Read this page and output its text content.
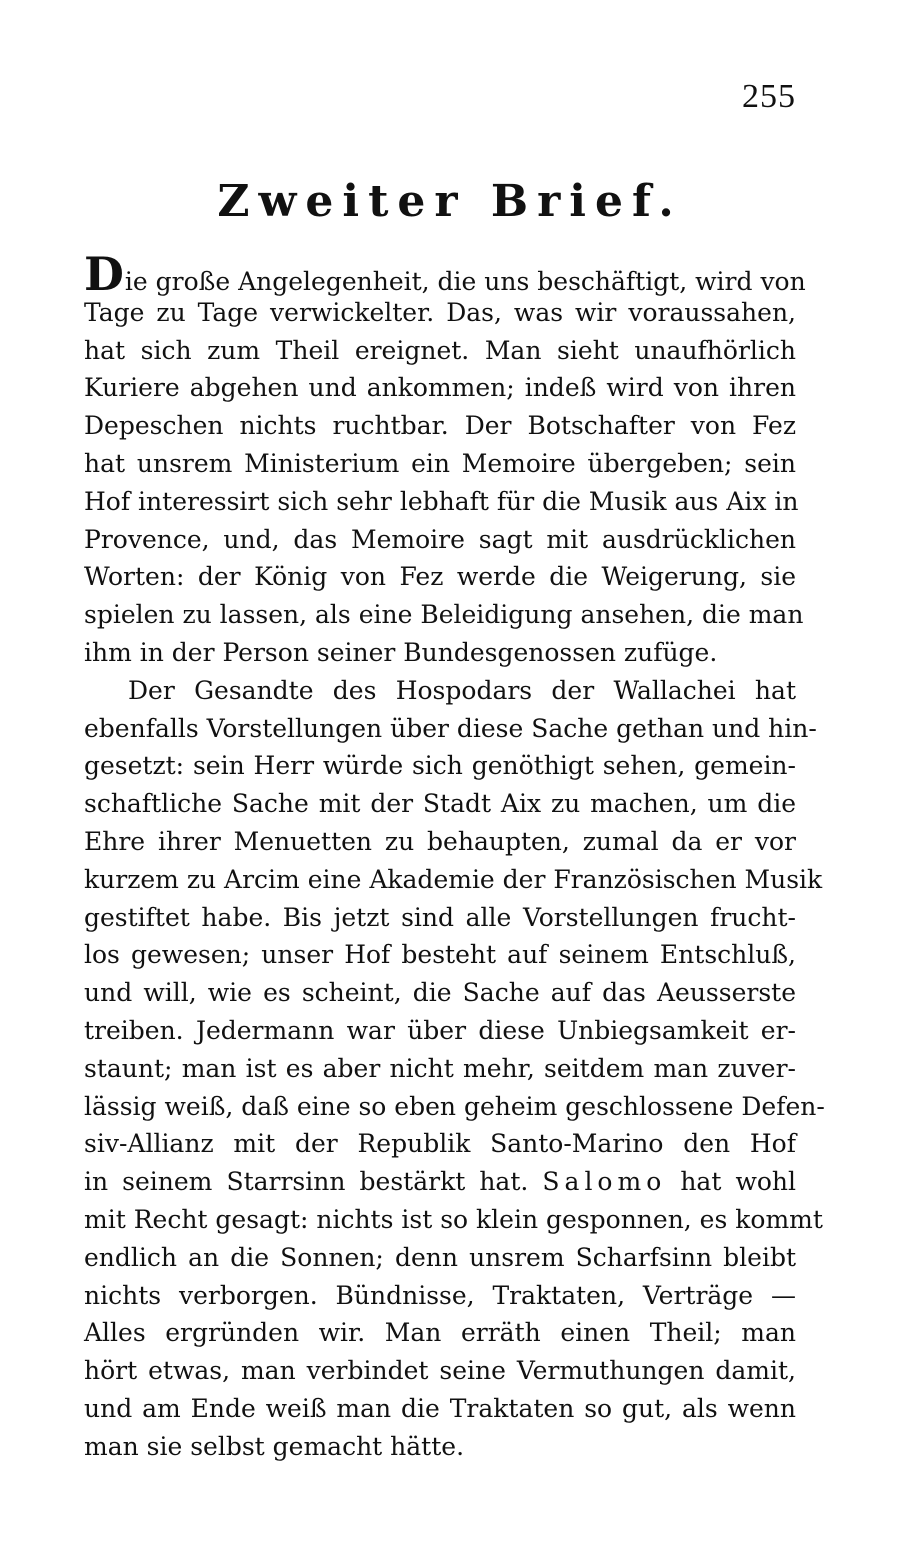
255
Zweiter Brief.
D ie große Angelegenheit, die uns beschäftigt, wird von
Tage zu Tage verwickelter. Das, was wir voraussahen,
hat sich zum Theil ereignet. Man sieht unaufhörlich
Kuriere abgehen und ankommen; indeß wird von ihren
Depeschen nichts ruchtbar. Der Botschafter von Fez
hat unsrem Ministerium ein Memoire übergeben; sein
Hof interessirt sich sehr lebhaft für die Musik aus Aix in
Provence, und, das Memoire sagt mit ausdrücklichen
Worten: der König von Fez werde die Weigerung, sie
spielen zu lassen, als eine Beleidigung ansehen, die man
ihm in der Person seiner Bundesgenossen zufüge.
Der Gesandte des Hospodars der Wallachei hat
ebenfalls Vorstellungen über diese Sache gethan und hin-
gesetzt: sein Herr würde sich genöthigt sehen, gemein-
schaftliche Sache mit der Stadt Aix zu machen, um die
Ehre ihrer Menuetten zu behaupten, zumal da er vor
kurzem zu Arcim eine Akademie der Französischen Musik
gestiftet habe. Bis jetzt sind alle Vorstellungen frucht-
los gewesen; unser Hof besteht auf seinem Entschluß,
und will, wie es scheint, die Sache auf das Aeusserste
treiben. Jedermann war über diese Unbiegsamkeit er-
staunt; man ist es aber nicht mehr, seitdem man zuver-
lässig weiß, daß eine so eben geheim geschlossene Defen-
siv-Allianz mit der Republik Santo-Marino den Hof
in seinem Starrsinn bestärkt hat. Salomo hat wohl
mit Recht gesagt: nichts ist so klein gesponnen, es kommt
endlich an die Sonnen; denn unsrem Scharfsinn bleibt
nichts verborgen. Bündnisse, Traktaten, Verträge —
Alles ergründen wir. Man erräth einen Theil; man
hört etwas, man verbindet seine Vermuthungen damit,
und am Ende weiß man die Traktaten so gut, als wenn
man sie selbst gemacht hätte.
